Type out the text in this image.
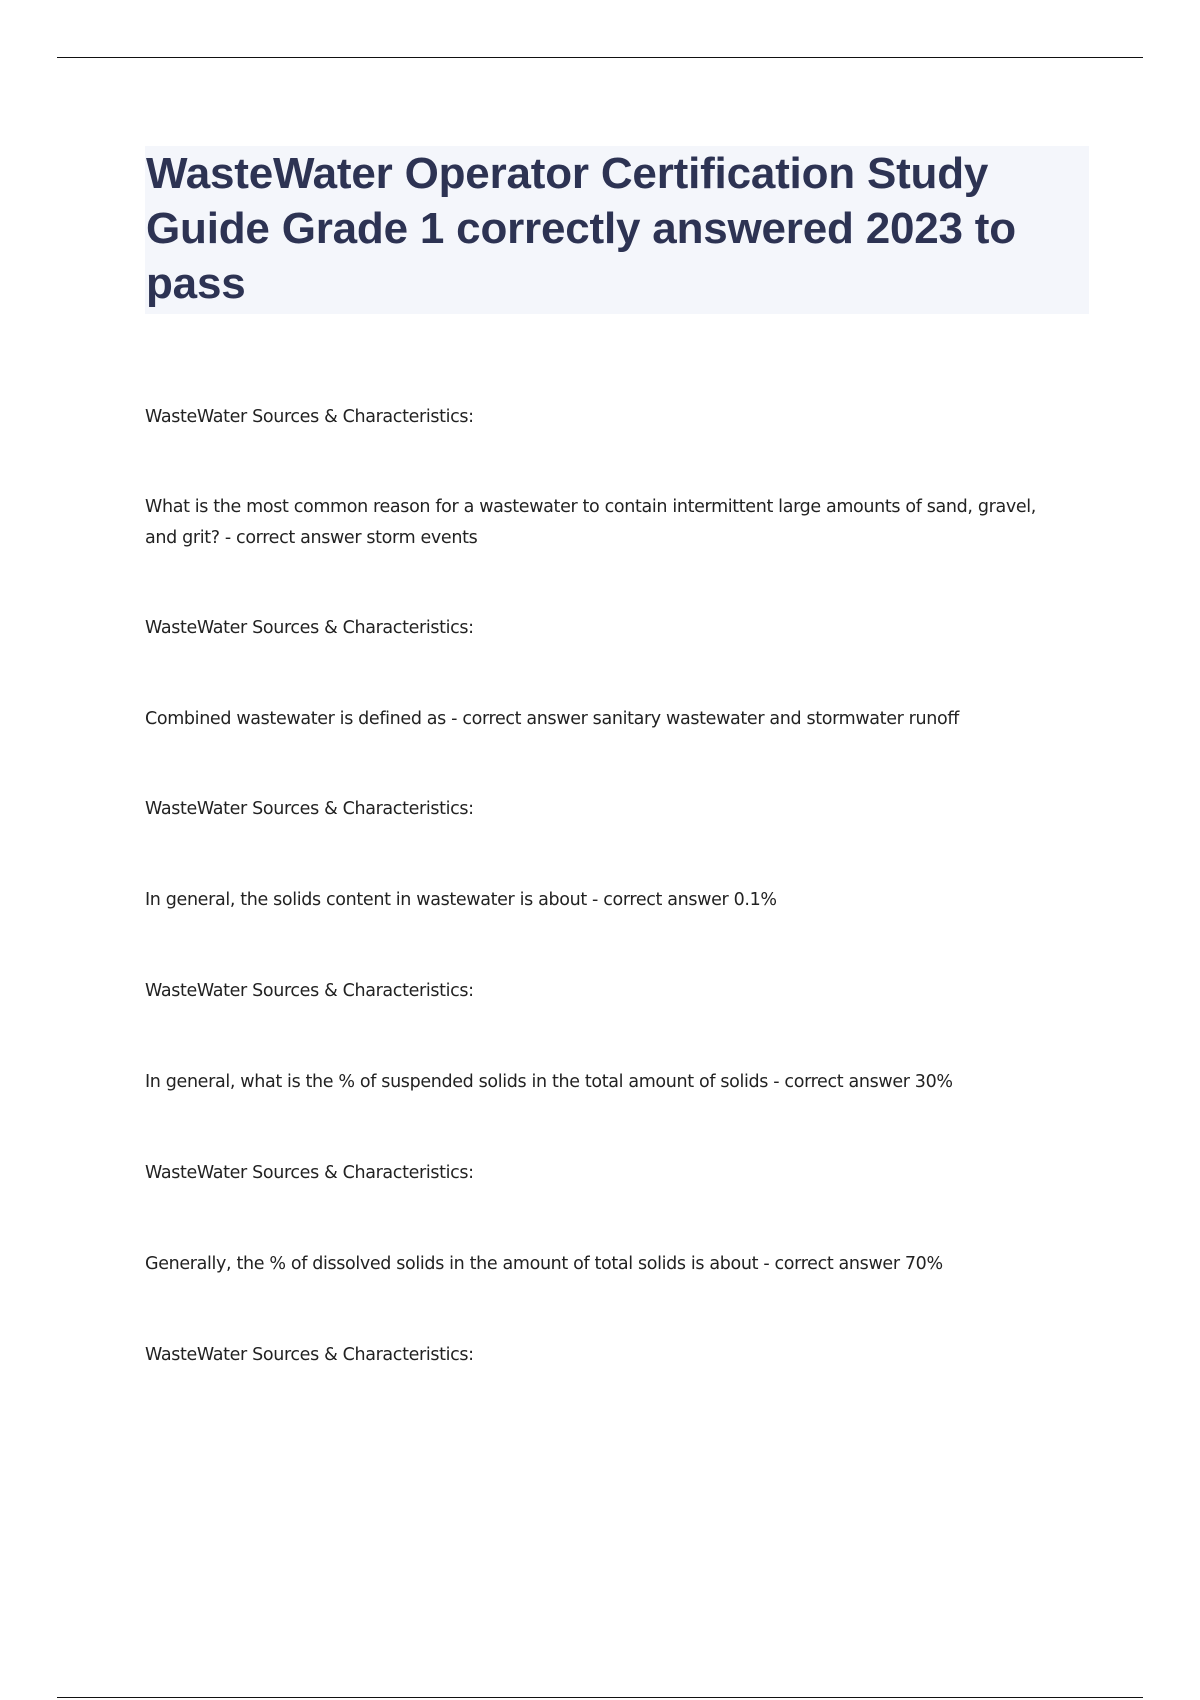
WasteWater Operator Certification Study Guide Grade 1 correctly answered 2023 to pass

WasteWater Sources & Characteristics:

What is the most common reason for a wastewater to contain intermittent large amounts of sand, gravel, and grit? - correct answer storm events

WasteWater Sources & Characteristics:

Combined wastewater is defined as - correct answer sanitary wastewater and stormwater runoff

WasteWater Sources & Characteristics:

In general, the solids content in wastewater is about - correct answer 0.1%

WasteWater Sources & Characteristics:

In general, what is the % of suspended solids in the total amount of solids - correct answer 30%

WasteWater Sources & Characteristics:

Generally, the % of dissolved solids in the amount of total solids is about - correct answer 70%

WasteWater Sources & Characteristics:
